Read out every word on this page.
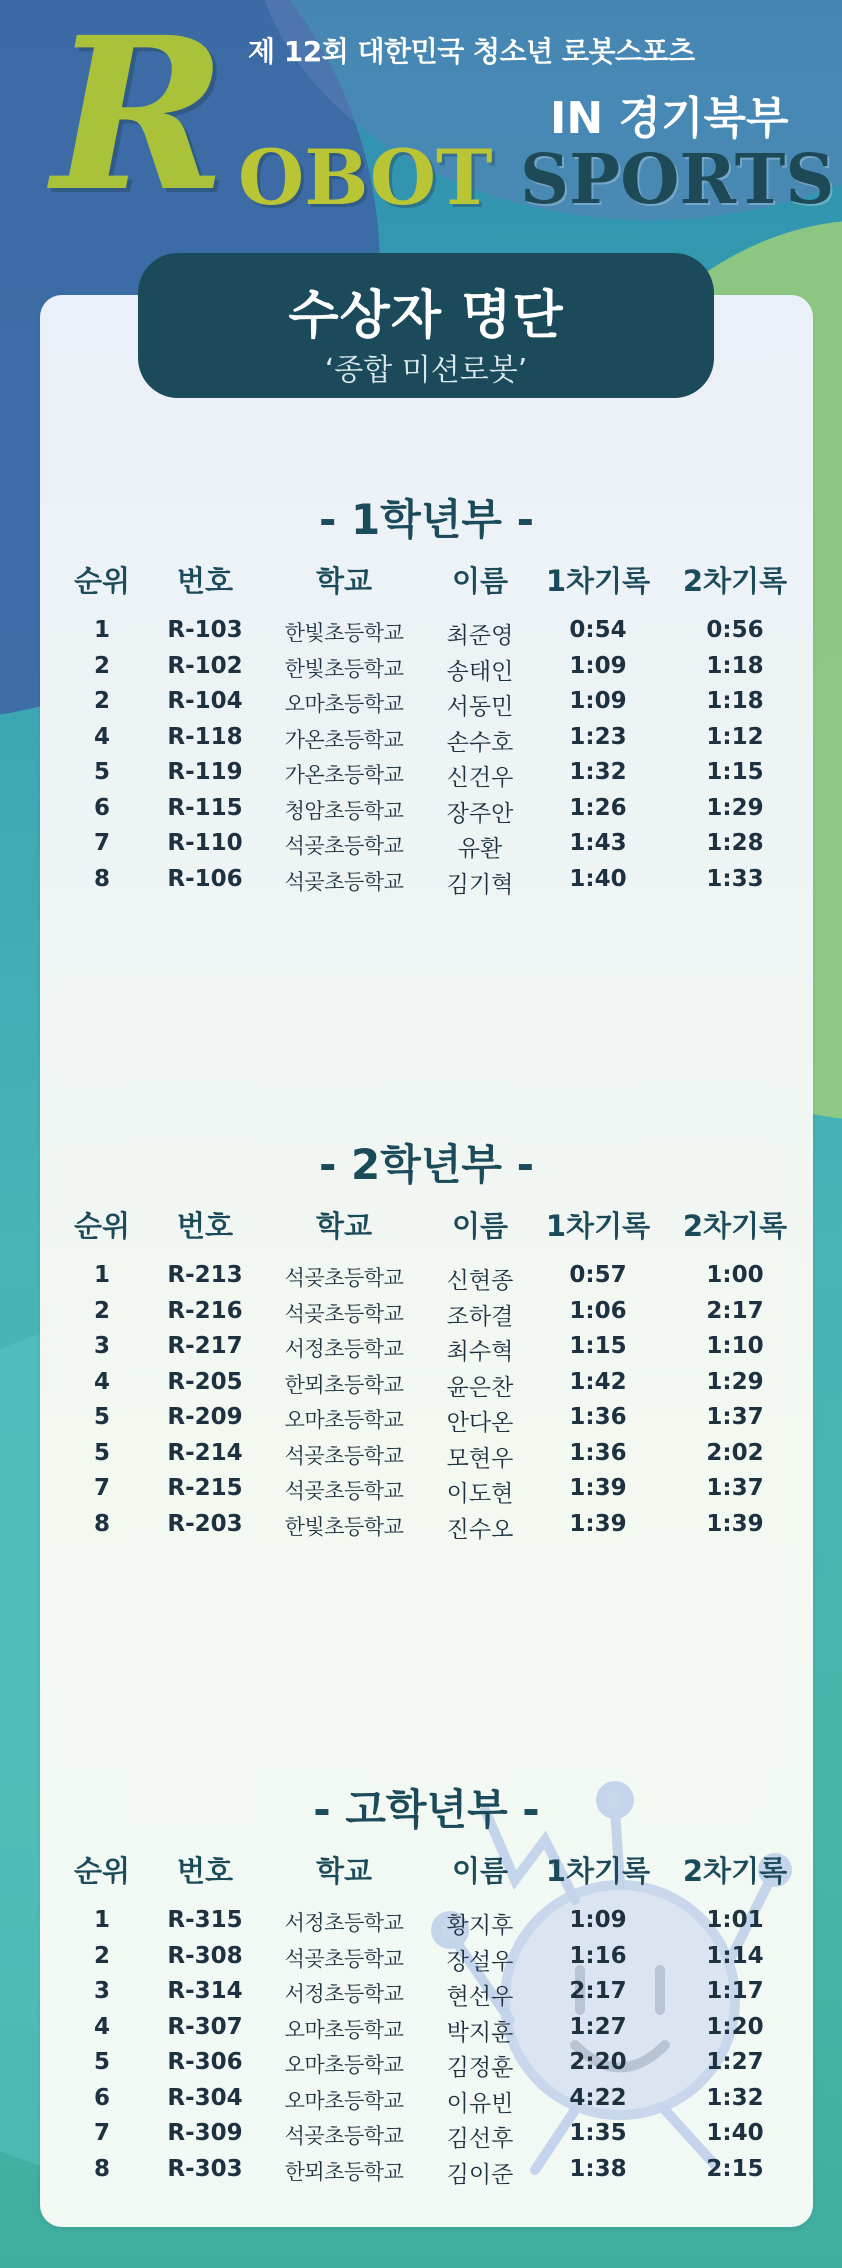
R 제 12회 대한민국 청소년 로봇스포츠
IN 경기북부
OBOT SPORTS
수상자 명단
‘종합 미션로봇’
- 1학년부 -
순위 번호	학교	이름 1차기록 2차기록
1 R-103 한빛초등학교 최준영 0:54	0:56
2 R-102 한빛초등학교 송태인 1:09	1:18
2 R-104 오마초등학교 서동민 1:09	1:18
4 R-118 가온초등학교 손수호 1:23	1:12
5 R-119 가온초등학교 신건우 1:32	1:15
6 R-115 청암초등학교 장주안 1:26	1:29
7 R-110 석곶초등학교 유환	1:43	1:28
8 R-106 석곶초등학교 김기혁 1:40	1:33
- 2학년부 -
순위 번호	학교	이름 1차기록 2차기록
1 R-213 석곶초등학교 신현종 0:57	1:00
2 R-216 석곶초등학교 조하결 1:06	2:17
3 R-217 서정초등학교 최수혁 1:15	1:10
4 R-205 한뫼초등학교 윤은찬 1:42	1:29
5 R-209 오마초등학교 안다온 1:36	1:37
5 R-214 석곶초등학교 모현우 1:36	2:02
7 R-215 석곶초등학교 이도현 1:39	1:37
8 R-203 한빛초등학교 진수오 1:39	1:39
- 고학년부 -
순위 번호	학교	이름 1차기록 2차기록
1 R-315 서정초등학교 황지후 1:09	1:01
2 R-308 석곶초등학교 장설우 1:16	1:14
3 R-314 서정초등학교 현선우 2:17	1:17
4 R-307 오마초등학교 박지훈 1:27	1:20
5 R-306 오마초등학교 김정훈 2:20	1:27
6 R-304 오마초등학교 이유빈 4:22	1:32
7 R-309 석곶초등학교 김선후 1:35	1:40
8 R-303 한뫼초등학교 김이준 1:38	2:15
